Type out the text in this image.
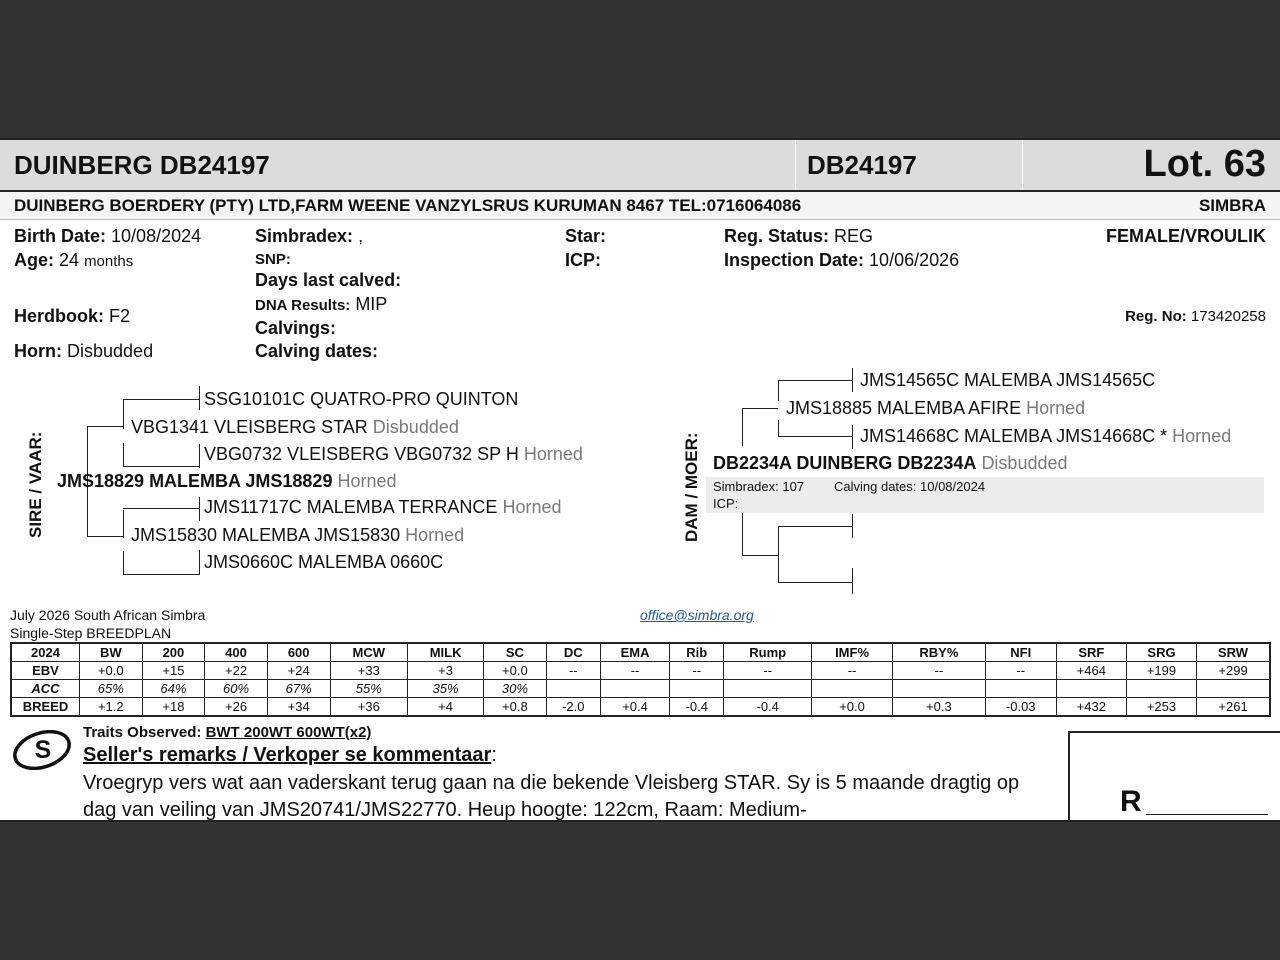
DUINBERG DB24197	DB24197	Lot. 63
DUINBERG BOERDERY (PTY) LTD,FARM WEENE VANZYLSRUS KURUMAN 8467 TEL:0716064086	SIMBRA
Birth Date: 10/08/2024
Age: 24 months
Herdbook: F2
Horn: Disbudded
Simbradex: ,
SNP:
Days last calved:
DNA Results: MIP
Calvings:
Calving dates:
Star:
ICP:
Reg. Status: REG
Inspection Date: 10/06/2026
FEMALE/VROULIK
Reg. No: 173420258
SIRE / VAAR:
SSG10101C QUATRO-PRO QUINTON
VBG1341 VLEISBERG STAR Disbudded
VBG0732 VLEISBERG VBG0732 SP H Horned
JMS18829 MALEMBA JMS18829 Horned
JMS11717C MALEMBA TERRANCE Horned
JMS15830 MALEMBA JMS15830 Horned
JMS0660C MALEMBA 0660C
DAM / MOER:
JMS14565C MALEMBA JMS14565C
JMS18885 MALEMBA AFIRE Horned
JMS14668C MALEMBA JMS14668C * Horned
DB2234A DUINBERG DB2234A Disbudded
Simbradex: 107 Calving dates: 10/08/2024
ICP:
July 2026 South African Simbra
Single-Step BREEDPLAN
office@simbra.org
2024	BW	200	400	600	MCW	MILK	SC	DC	EMA	Rib	Rump	IMF%	RBY%	NFI	SRF	SRG	SRW
EBV	+0.0	+15	+22	+24	+33	+3	+0.0	--	--	--	--	--	--	--	+464	+199	+299
ACC	65%	64%	60%	67%	55%	35%	30%										
BREED	+1.2	+18	+26	+34	+36	+4	+0.8	-2.0	+0.4	-0.4	-0.4	+0.0	+0.3	-0.03	+432	+253	+261
S
Traits Observed: BWT 200WT 600WT(x2)
Seller's remarks / Verkoper se kommentaar:
Vroegryp vers wat aan vaderskant terug gaan na die bekende Vleisberg STAR. Sy is 5 maande dragtig op
dag van veiling van JMS20741/JMS22770. Heup hoogte: 122cm, Raam: Medium-	R
